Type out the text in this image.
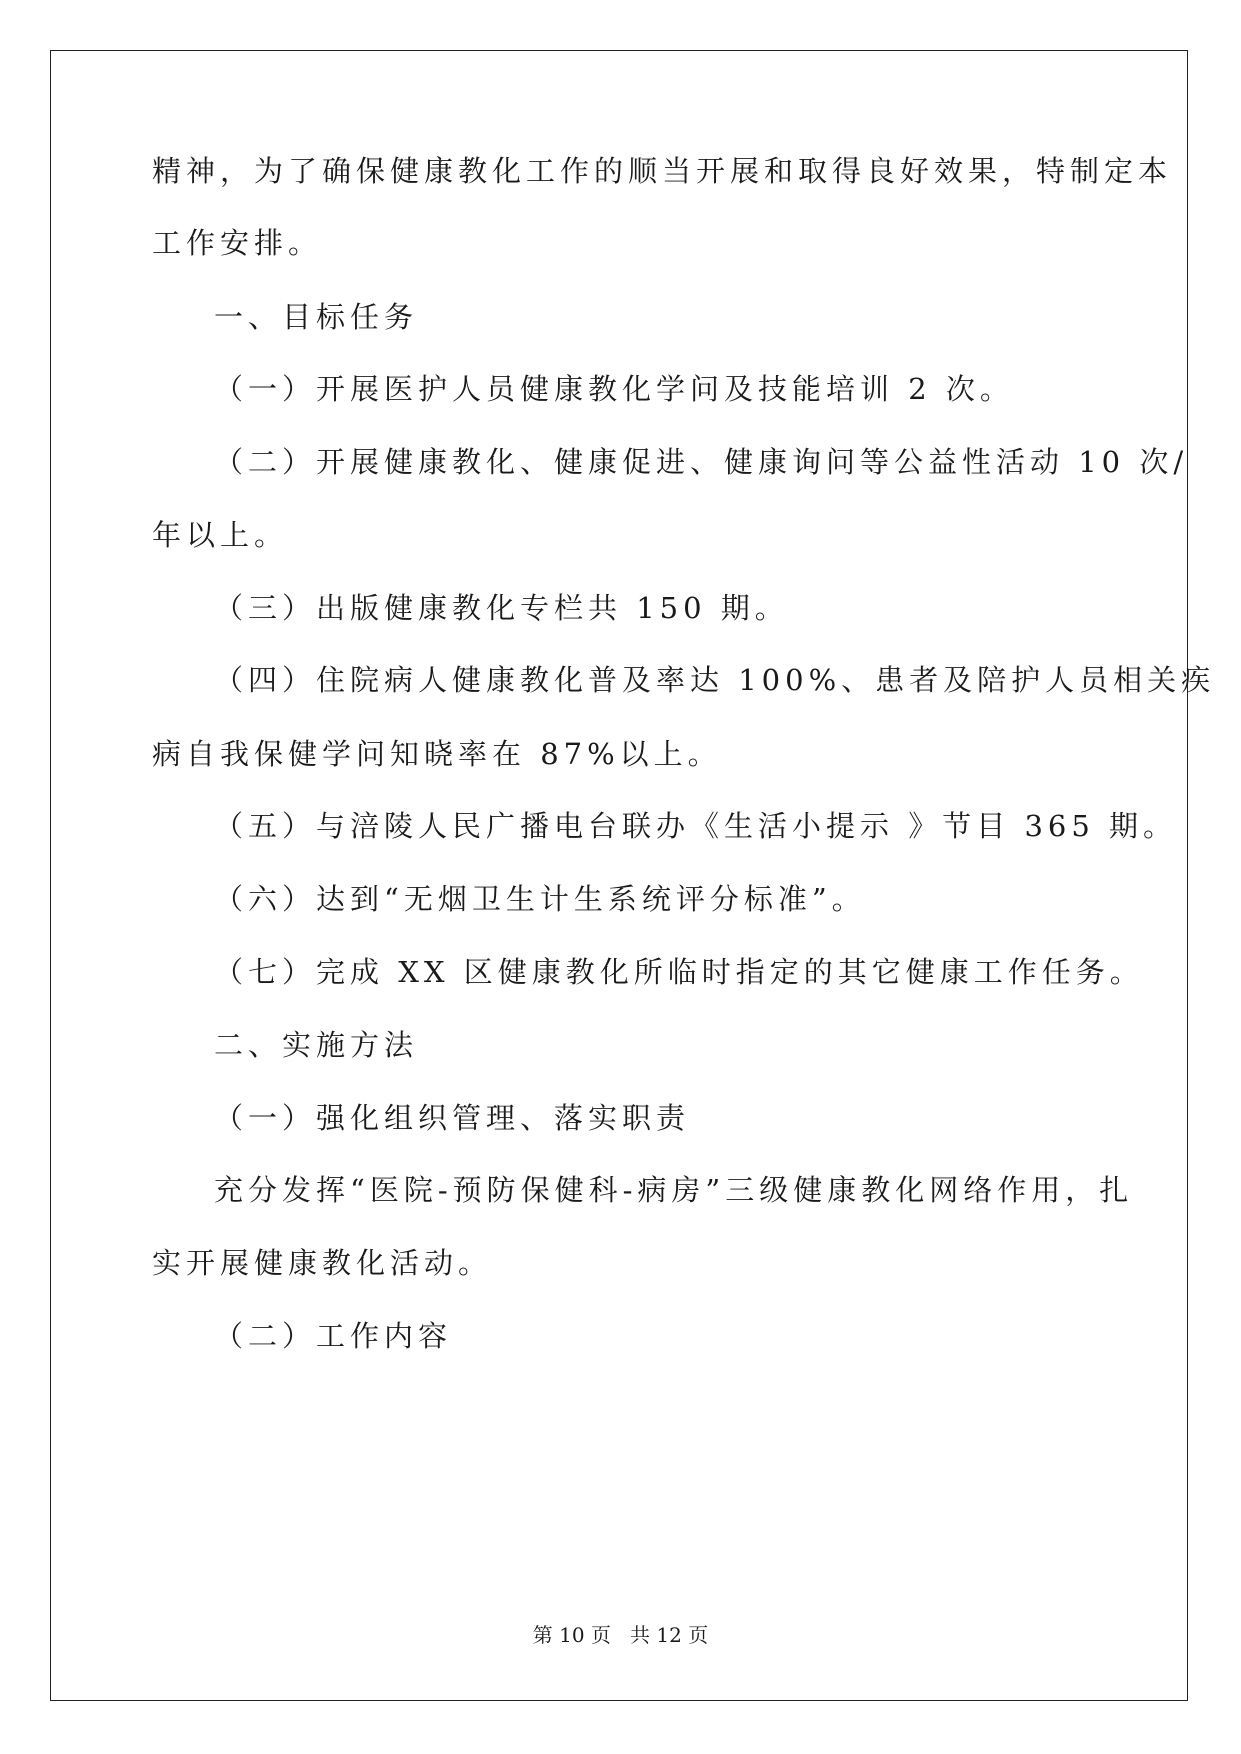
精神，为了确保健康教化工作的顺当开展和取得良好效果，特制定本
工作安排。
一、目标任务
（一）开展医护人员健康教化学问及技能培训 2 次。
（二）开展健康教化、健康促进、健康询问等公益性活动 10 次/
年以上。
（三）出版健康教化专栏共 150 期。
（四）住院病人健康教化普及率达 100%、患者及陪护人员相关疾
病自我保健学问知晓率在 87%以上。
（五）与涪陵人民广播电台联办《生活小提示 》节目 365 期。
（六）达到“无烟卫生计生系统评分标准”。
（七）完成 XX 区健康教化所临时指定的其它健康工作任务。
二、实施方法
（一）强化组织管理、落实职责
充分发挥“医院-预防保健科-病房”三级健康教化网络作用，扎
实开展健康教化活动。
（二）工作内容
第 10 页   共 12 页
